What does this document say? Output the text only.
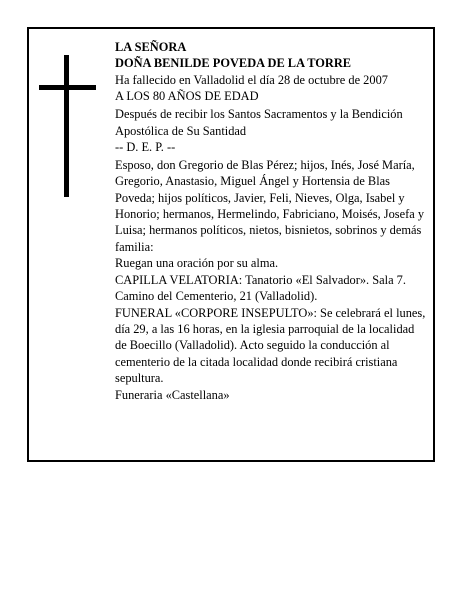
LA SEÑORA

DOÑA BENILDE POVEDA DE LA TORRE

Ha fallecido en Valladolid el día 28 de octubre de 2007

A LOS 80 AÑOS DE EDAD

Después de recibir los Santos Sacramentos y la Bendición Apostólica de Su Santidad

-- D. E. P. --

Esposo, don Gregorio de Blas Pérez; hijos, Inés, José María, Gregorio, Anastasio, Miguel Ángel y Hortensia de Blas Poveda; hijos políticos, Javier, Feli, Nieves, Olga, Isabel y Honorio; hermanos, Hermelindo, Fabriciano, Moisés, Josefa y Luisa; hermanos políticos, nietos, bisnietos, sobrinos y demás familia:

Ruegan una oración por su alma.

CAPILLA VELATORIA: Tanatorio «El Salvador». Sala 7. Camino del Cementerio, 21 (Valladolid).

FUNERAL «CORPORE INSEPULTO»: Se celebrará el lunes, día 29, a las 16 horas, en la iglesia parroquial de la localidad de Boecillo (Valladolid). Acto seguido la conducción al cementerio de la citada localidad donde recibirá cristiana sepultura.

Funeraria «Castellana»
